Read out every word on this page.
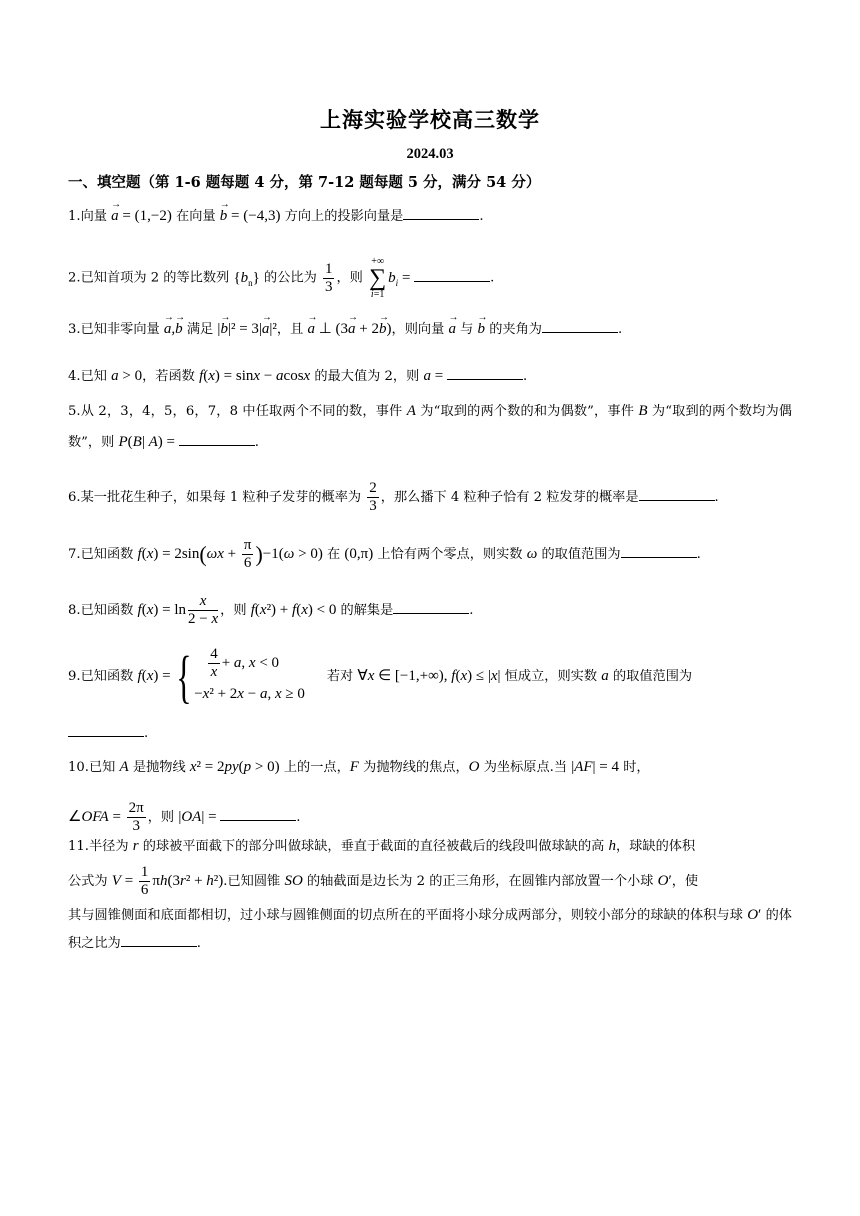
上海实验学校高三数学
2024.03
一、填空题（第 1-6 题每题 4 分，第 7-12 题每题 5 分，满分 54 分）
1.向量 → a = (1,−2) 在向量 → b = (−4,3) 方向上的投影向量是	.
2.已知首项为 2 的等比数列 $\{b_n\}$ 的公比为 $\frac{1}{3}$ ，则 +∞
∑
$i=1b_i$ =	.
3.已知非零向量 → a,→ b 满足 |→ b|² = 3|→ a|²，且 → a ⊥ (3→ a + 2→ b)，则向量 → a 与 → b 的夹角为	.
4.已知 a > 0，若函数 f(x) = sinx − acosx 的最大值为 2，则 a =	.
5.从 2，3，4，5，6，7，8 中任取两个不同的数，事件 A 为“取到的两个数的和为偶数”，事件 B 为“取到的两个数均为偶数”，则 P(B| A) =	.
6.某一批花生种子，如果每 1 粒种子发芽的概率为 $\frac{2}{3}$ ，那么播下 4 粒种子恰有 2 粒发芽的概率是	.
7.已知函数 $f(x) = 2\sin(\omega x + \frac{\pi}{6} )-1(\omega > 0)$ 在 (0,π) 上恰有两个零点，则实数 ω 的取值范围为	.
8.已知函数 $f(x) = \ln \frac{x}{2 - x}$ ，则 f(x²) + f(x) < 0 的解集是	.
9.已知函数 f(x) = { $\frac{4}{x} + a$, x < 0
−x² + 2x − a, x ≥ 0
若对 ∀x ∈ [−1,+∞), f(x) ≤ |x| 恒成立，则实数 a 的取值范围为
.
10.已知 A 是抛物线 x² = 2py(p > 0) 上的一点，F 为抛物线的焦点，O 为坐标原点.当 |AF| = 4 时，
∠OFA = $\frac{2\pi}{3}$ ，则 |OA| =	.
11.半径为 r 的球被平面截下的部分叫做球缺，垂直于截面的直径被截后的线段叫做球缺的高 h，球缺的体积
公式为 $V = \frac{1}{6} \pi h(3r^2 + h^2)$.已知圆锥 SO 的轴截面是边长为 2 的正三角形，在圆锥内部放置一个小球 O′，使
其与圆锥侧面和底面都相切，过小球与圆锥侧面的切点所在的平面将小球分成两部分，则较小部分的球缺的体积与球 O′ 的体积之比为	.
